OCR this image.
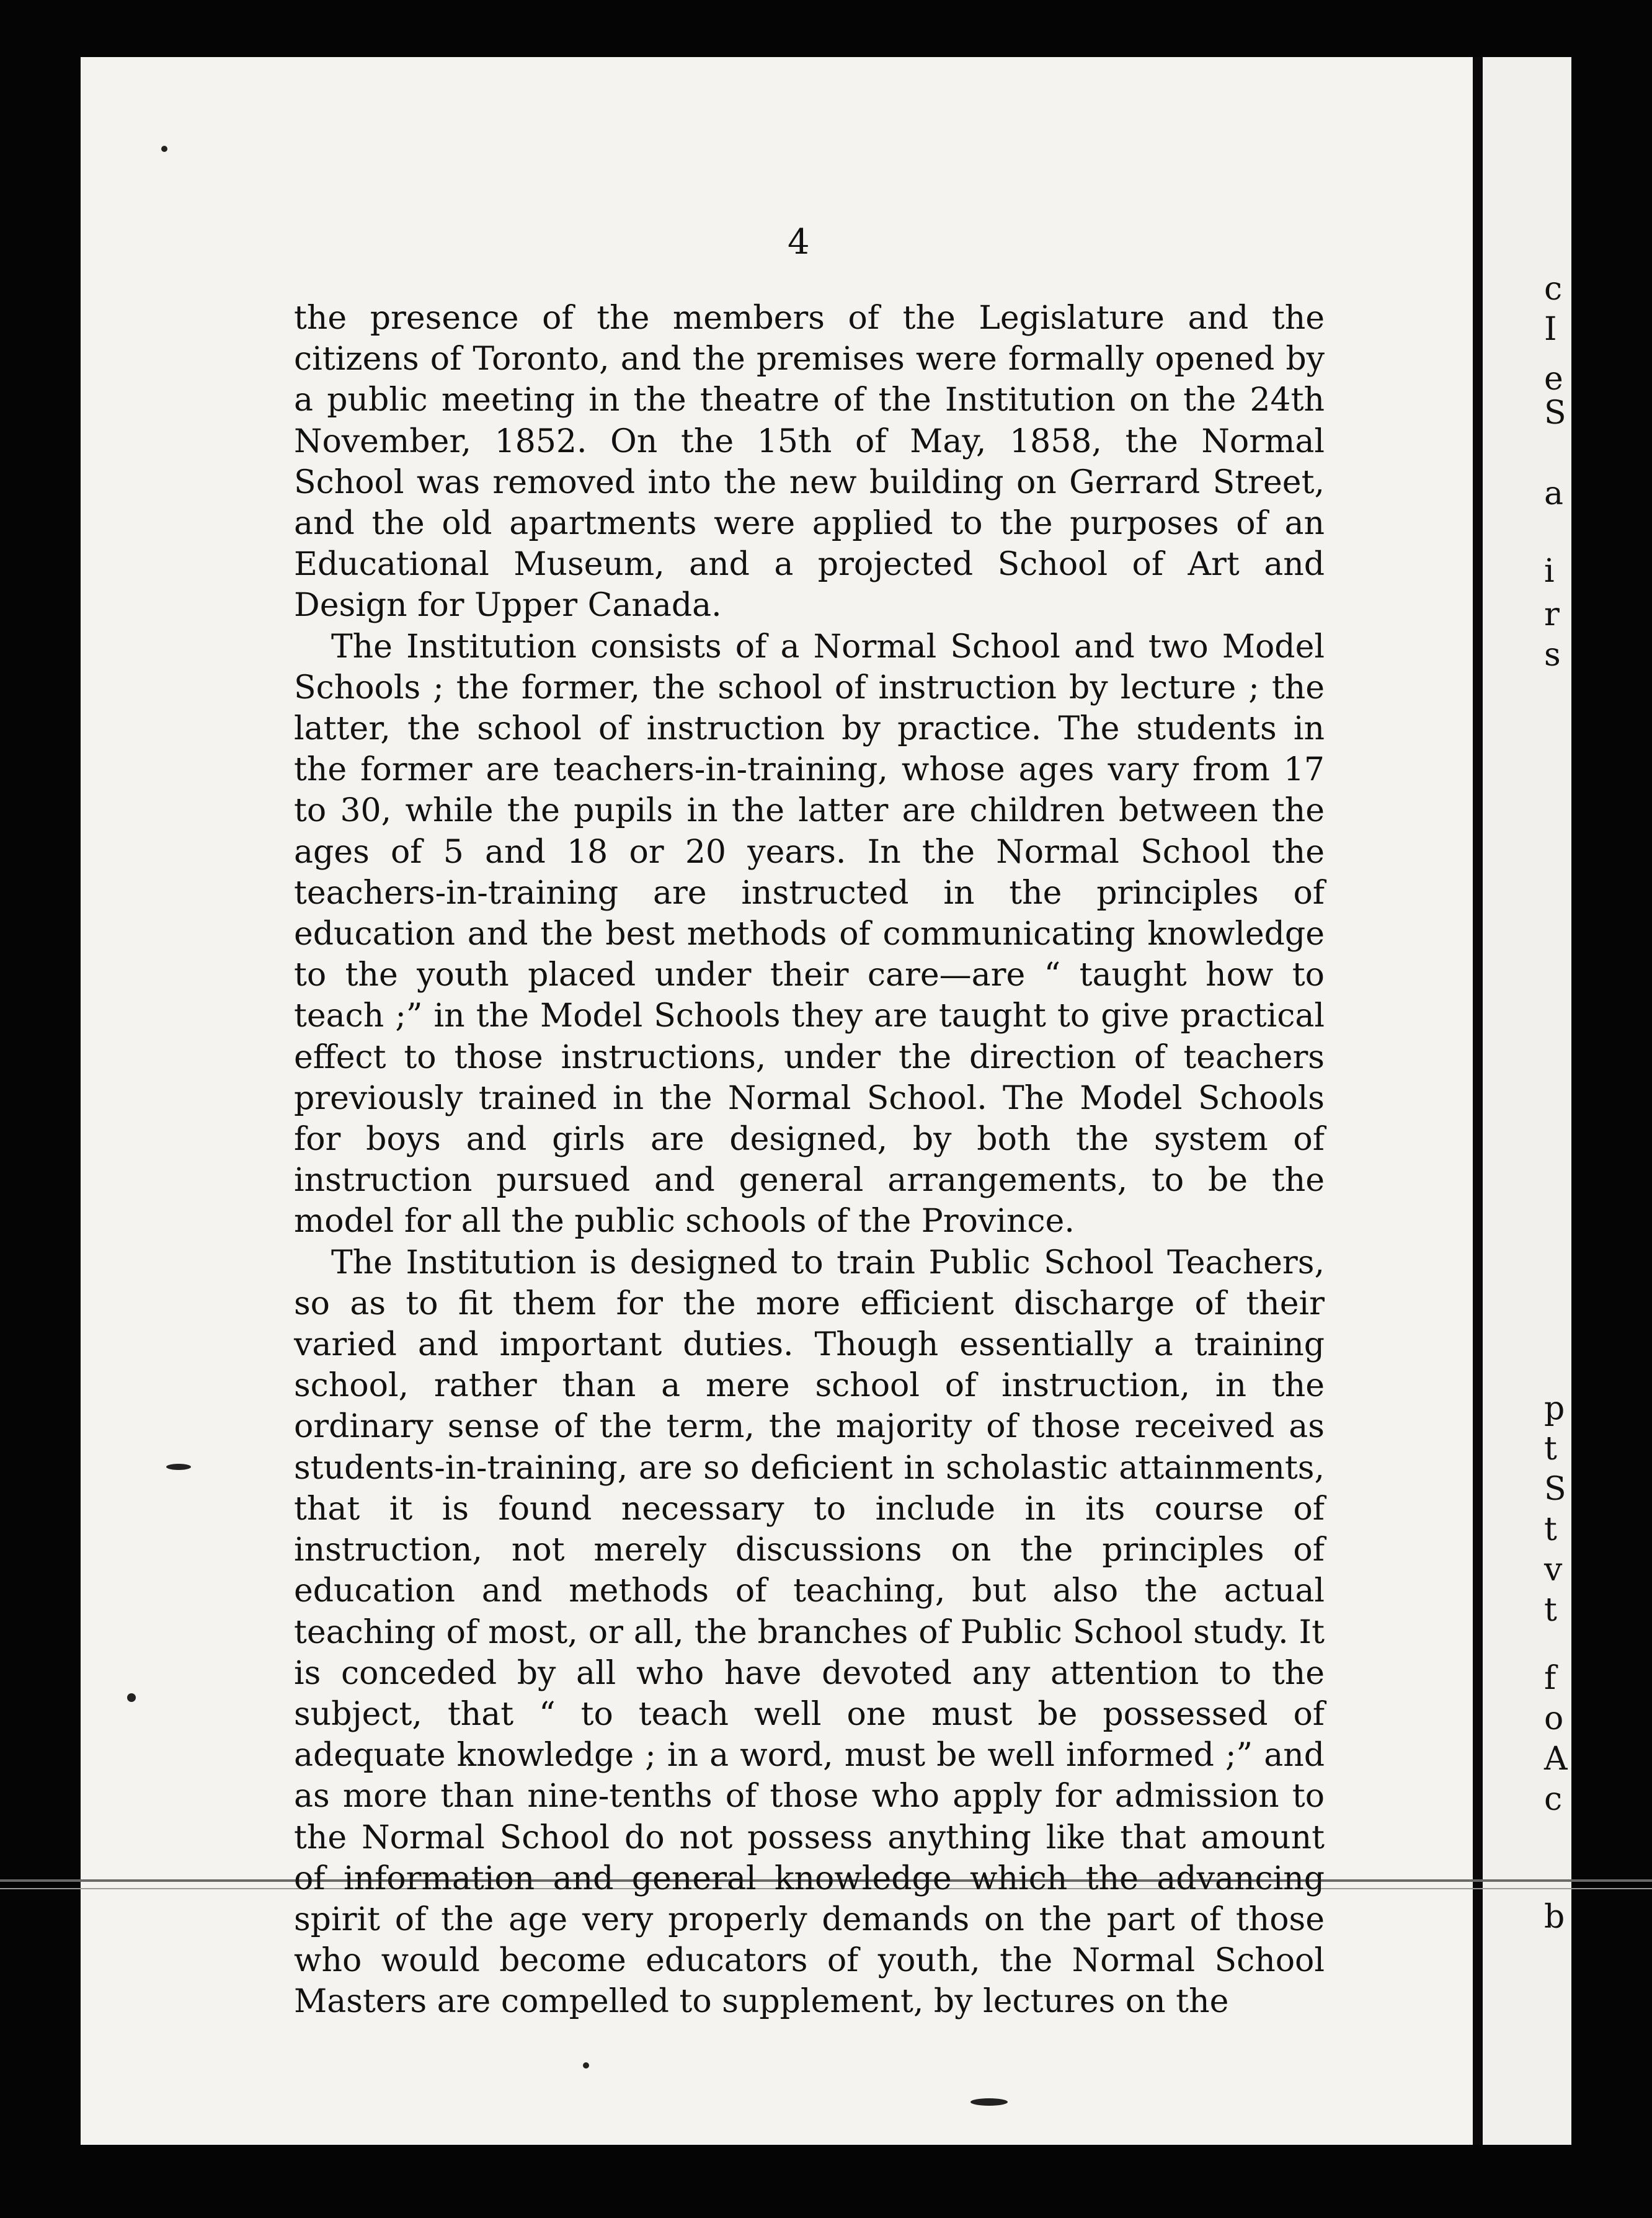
4

the presence of the members of the Legislature and the citizens of Toronto, and the premises were formally opened by a public meeting in the theatre of the Institution on the 24th November, 1852. On the 15th of May, 1858, the Normal School was removed into the new building on Gerrard Street, and the old apartments were applied to the purposes of an Educational Museum, and a projected School of Art and Design for Upper Canada.

The Institution consists of a Normal School and two Model Schools ; the former, the school of instruction by lecture ; the latter, the school of instruction by practice. The students in the former are teachers-in-training, whose ages vary from 17 to 30, while the pupils in the latter are children between the ages of 5 and 18 or 20 years. In the Normal School the teachers-in-training are instructed in the principles of education and the best methods of communicating knowledge to the youth placed under their care—are “ taught how to teach ;” in the Model Schools they are taught to give practical effect to those instructions, under the direction of teachers previously trained in the Normal School. The Model Schools for boys and girls are designed, by both the system of instruction pursued and general arrangements, to be the model for all the public schools of the Province.

The Institution is designed to train Public School Teachers, so as to fit them for the more efficient discharge of their varied and important duties. Though essentially a training school, rather than a mere school of instruction, in the ordinary sense of the term, the majority of those received as students-in-training, are so deficient in scholastic attainments, that it is found necessary to include in its course of instruction, not merely discussions on the principles of education and methods of teaching, but also the actual teaching of most, or all, the branches of Public School study. It is conceded by all who have devoted any attention to the subject, that “ to teach well one must be possessed of adequate knowledge ; in a word, must be well informed ;” and as more than nine-tenths of those who apply for admission to the Normal School do not possess anything like that amount of information and general knowledge which the advancing spirit of the age very properly demands on the part of those who would become educators of youth, the Normal School Masters are compelled to supplement, by lectures on the

c
I
e
S
a
i
r
s
p
t
S
t
v
t
f
o
A
c
b
